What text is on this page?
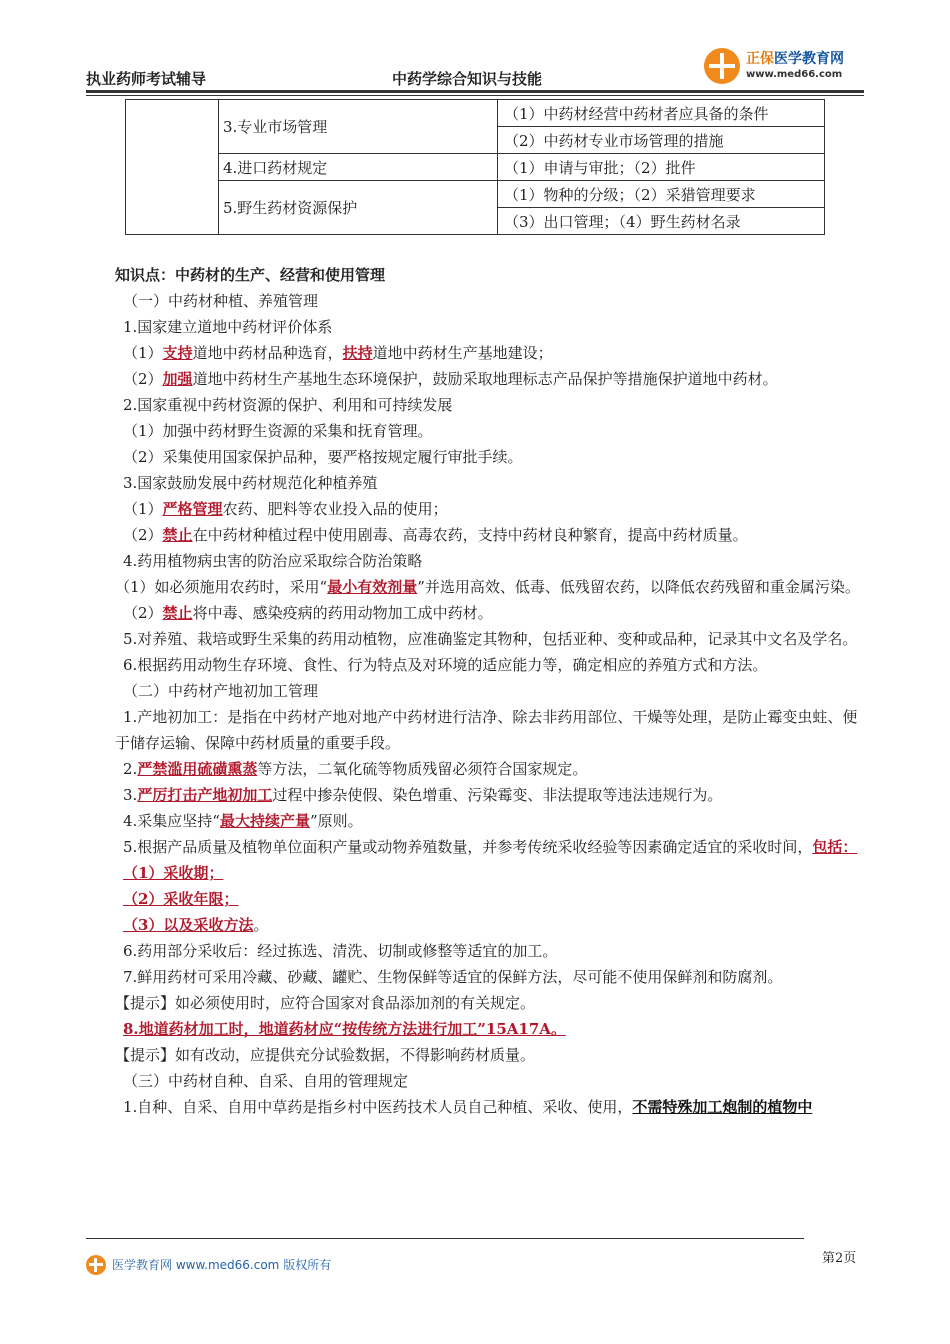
执业药师考试辅导	中药学综合知识与技能
正保医学教育网
www.med66.com
	3.专业市场管理	（1）中药材经营中药材者应具备的条件
		（2）中药材专业市场管理的措施
	4.进口药材规定	（1）申请与审批；（2）批件
	5.野生药材资源保护	（1）物种的分级；（2）采猎管理要求
		（3）出口管理；（4）野生药材名录

知识点：中药材的生产、经营和使用管理

（一）中药材种植、养殖管理

1.国家建立道地中药材评价体系

（1）支持道地中药材品种选育，扶持道地中药材生产基地建设；

（2）加强道地中药材生产基地生态环境保护，鼓励采取地理标志产品保护等措施保护道地中药材。

2.国家重视中药材资源的保护、利用和可持续发展

（1）加强中药材野生资源的采集和抚育管理。

（2）采集使用国家保护品种，要严格按规定履行审批手续。

3.国家鼓励发展中药材规范化种植养殖

（1）严格管理农药、肥料等农业投入品的使用；

（2）禁止在中药材种植过程中使用剧毒、高毒农药，支持中药材良种繁育，提高中药材质量。

4.药用植物病虫害的防治应采取综合防治策略

（1）如必须施用农药时，采用“最小有效剂量”并选用高效、低毒、低残留农药，以降低农药残留和重金属污染。

（2）禁止将中毒、感染疫病的药用动物加工成中药材。

5.对养殖、栽培或野生采集的药用动植物，应准确鉴定其物种，包括亚种、变种或品种，记录其中文名及学名。

6.根据药用动物生存环境、食性、行为特点及对环境的适应能力等，确定相应的养殖方式和方法。

（二）中药材产地初加工管理

1.产地初加工：是指在中药材产地对地产中药材进行洁净、除去非药用部位、干燥等处理，是防止霉变虫蛀、便于储存运输、保障中药材质量的重要手段。

2.严禁滥用硫磺熏蒸等方法，二氧化硫等物质残留必须符合国家规定。

3.严厉打击产地初加工过程中掺杂使假、染色增重、污染霉变、非法提取等违法违规行为。

4.采集应坚持“最大持续产量”原则。

5.根据产品质量及植物单位面积产量或动物养殖数量，并参考传统采收经验等因素确定适宜的采收时间，包括：

（1）采收期；

（2）采收年限；

（3）以及采收方法。

6.药用部分采收后：经过拣选、清洗、切制或修整等适宜的加工。

7.鲜用药材可采用冷藏、砂藏、罐贮、生物保鲜等适宜的保鲜方法，尽可能不使用保鲜剂和防腐剂。

【提示】如必须使用时，应符合国家对食品添加剂的有关规定。

8.地道药材加工时，地道药材应“按传统方法进行加工”15A17A。

【提示】如有改动，应提供充分试验数据，不得影响药材质量。

（三）中药材自种、自采、自用的管理规定

1.自种、自采、自用中草药是指乡村中医药技术人员自己种植、采收、使用，不需特殊加工炮制的植物中

医学教育网 www.med66.com 版权所有	第2页
